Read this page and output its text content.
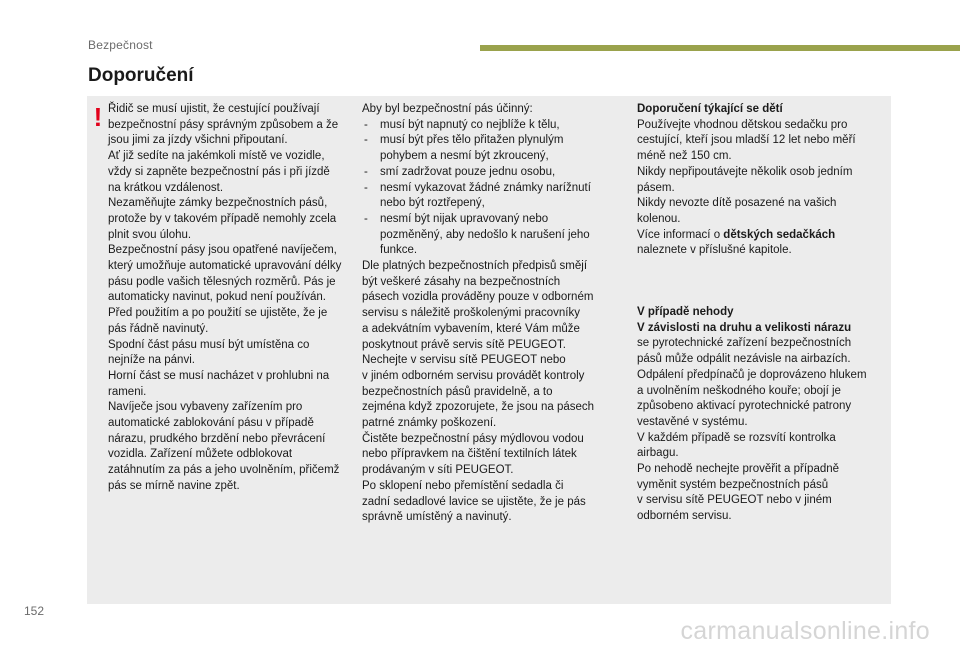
Bezpečnost
Doporučení
! Řidič se musí ujistit, že cestující používají

bezpečnostní pásy správným způsobem a že

jsou jimi za jízdy všichni připoutaní.

Ať již sedíte na jakémkoli místě ve vozidle,

vždy si zapněte bezpečnostní pás i při jízdě

na krátkou vzdálenost.

Nezaměňujte zámky bezpečnostních pásů,

protože by v takovém případě nemohly zcela

plnit svou úlohu.

Bezpečnostní pásy jsou opatřené navíječem,

který umožňuje automatické upravování délky

pásu podle vašich tělesných rozměrů. Pás je

automaticky navinut, pokud není používán.

Před použitím a po použití se ujistěte, že je

pás řádně navinutý.

Spodní část pásu musí být umístěna co

nejníže na pánvi.

Horní část se musí nacházet v prohlubni na

rameni.

Navíječe jsou vybaveny zařízením pro

automatické zablokování pásu v případě

nárazu, prudkého brzdění nebo převrácení

vozidla. Zařízení můžete odblokovat

zatáhnutím za pás a jeho uvolněním, přičemž

pás se mírně navine zpět.

Aby byl bezpečnostní pás účinný:

- musí být napnutý co nejblíže k tělu,
- musí být přes tělo přitažen plynulým pohybem a nesmí být zkroucený,
- smí zadržovat pouze jednu osobu,
- nesmí vykazovat žádné známky narížnutí nebo být roztřepený,
- nesmí být nijak upravovaný nebo pozměněný, aby nedošlo k narušení jeho funkce.

Dle platných bezpečnostních předpisů smějí

být veškeré zásahy na bezpečnostních

pásech vozidla prováděny pouze v odborném

servisu s náležitě proškolenými pracovníky

a adekvátním vybavením, které Vám může

poskytnout právě servis sítě PEUGEOT.

Nechejte v servisu sítě PEUGEOT nebo

v jiném odborném servisu provádět kontroly

bezpečnostních pásů pravidelně, a to

zejména když zpozorujete, že jsou na pásech

patrné známky poškození.

Čistěte bezpečnostní pásy mýdlovou vodou

nebo přípravkem na čištění textilních látek

prodávaným v síti PEUGEOT.

Po sklopení nebo přemístění sedadla či

zadní sedadlové lavice se ujistěte, že je pás

správně umístěný a navinutý.

Doporučení týkající se dětí

Používejte vhodnou dětskou sedačku pro

cestující, kteří jsou mladší 12 let nebo měří

méně než 150 cm.

Nikdy nepřipoutávejte několik osob jedním

pásem.

Nikdy nevozte dítě posazené na vašich

kolenou.

Více informací o dětských sedačkách

naleznete v příslušné kapitole.

V případě nehody

V závislosti na druhu a velikosti nárazu

se pyrotechnické zařízení bezpečnostních

pásů může odpálit nezávisle na airbazích.

Odpálení předpínačů je doprovázeno hlukem

a uvolněním neškodného kouře; obojí je

způsobeno aktivací pyrotechnické patrony

vestavěné v systému.

V každém případě se rozsvítí kontrolka

airbagu.

Po nehodě nechejte prověřit a případně

vyměnit systém bezpečnostních pásů

v servisu sítě PEUGEOT nebo v jiném

odborném servisu.

152
carmanualsonline.info
